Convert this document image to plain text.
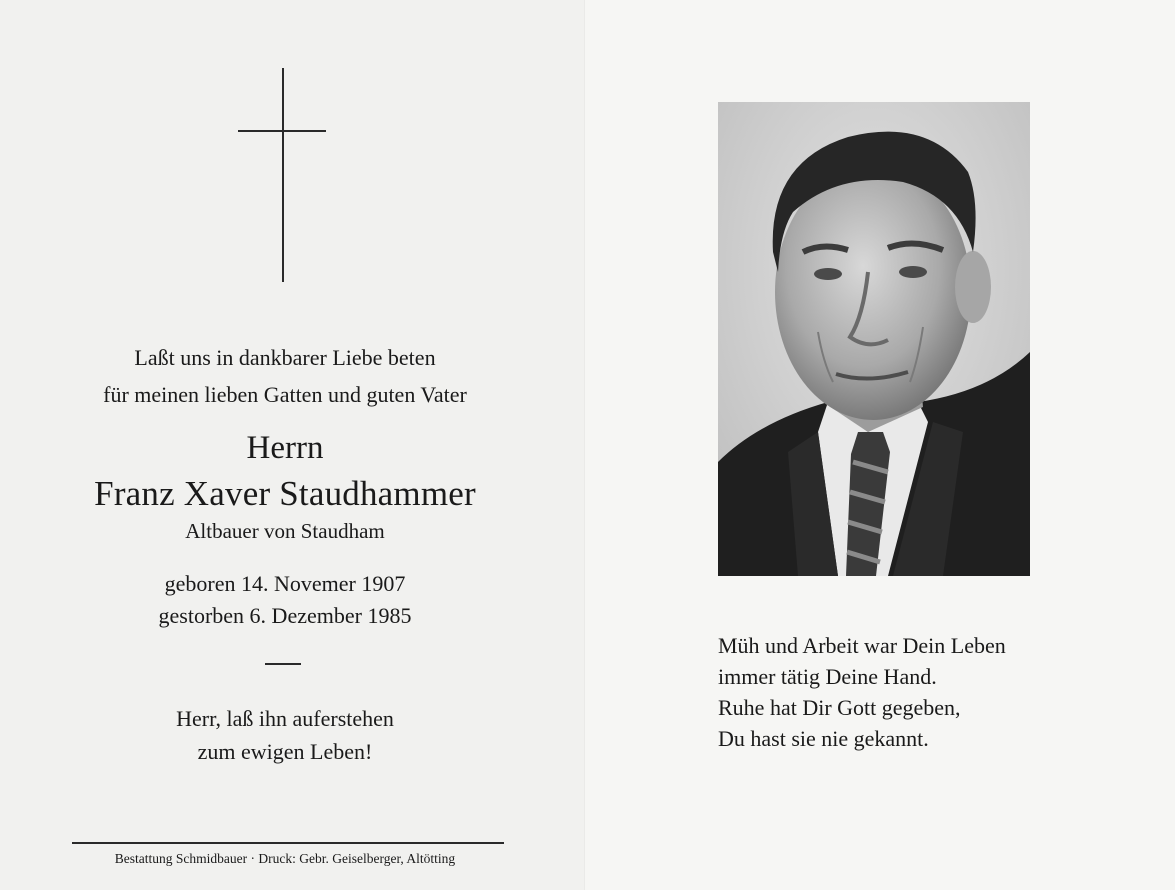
Laßt uns in dankbarer Liebe beten
für meinen lieben Gatten und guten Vater
Herrn
Franz Xaver Staudhammer
Altbauer von Staudham
geboren 14. Novemer 1907
gestorben 6. Dezember 1985
Herr, laß ihn auferstehen
zum ewigen Leben!
Bestattung Schmidbauer · Druck: Gebr. Geiselberger, Altötting
Müh und Arbeit war Dein Leben
immer tätig Deine Hand.
Ruhe hat Dir Gott gegeben,
Du hast sie nie gekannt.
